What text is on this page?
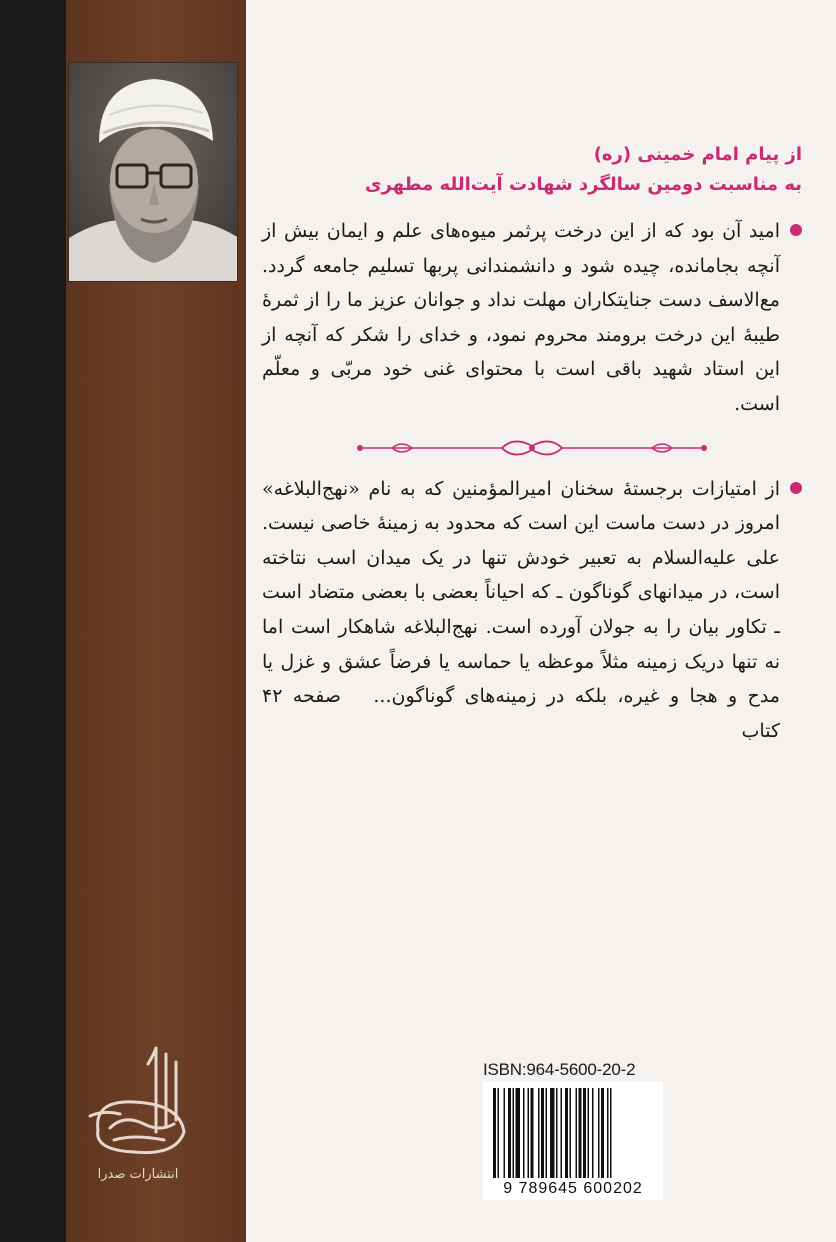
از پیام امام خمینی (ره)

به مناسبت دومین سالگرد شهادت آیت‌الله مطهری

امید آن بود که از این درخت پرثمر میوه‌های علم و ایمان بیش از آنچه بجامانده، چیده شود و دانشمندانی پربها تسلیم جامعه گردد. مع‌الاسف دست جنایتکاران مهلت نداد و جوانان عزیز ما را از ثمرهٔ طیبهٔ این درخت برومند محروم نمود، و خدای را شکر که آنچه از این استاد شهید باقی است با محتوای غنی خود مربّی و معلّم است.
از امتیازات برجستهٔ سخنان امیرالمؤمنین که به نام «نهج‌البلاغه» امروز در دست ماست این است که محدود به زمینهٔ خاصی نیست. علی علیه‌السلام به تعبیر خودش تنها در یک میدان اسب نتاخته است، در میدانهای گوناگون ـ که احیاناً بعضی با بعضی متضاد است ـ تکاور بیان را به جولان آورده است. نهج‌البلاغه شاهکار است اما نه تنها دریک زمینه مثلاً موعظه یا حماسه یا فرضاً عشق و غزل یا مدح و هجا و غیره، بلکه در زمینه‌های گوناگون... صفحه ۴۲ کتاب
انتشارات صدرا
ISBN:964-5600-20-2
9 789645 600202
